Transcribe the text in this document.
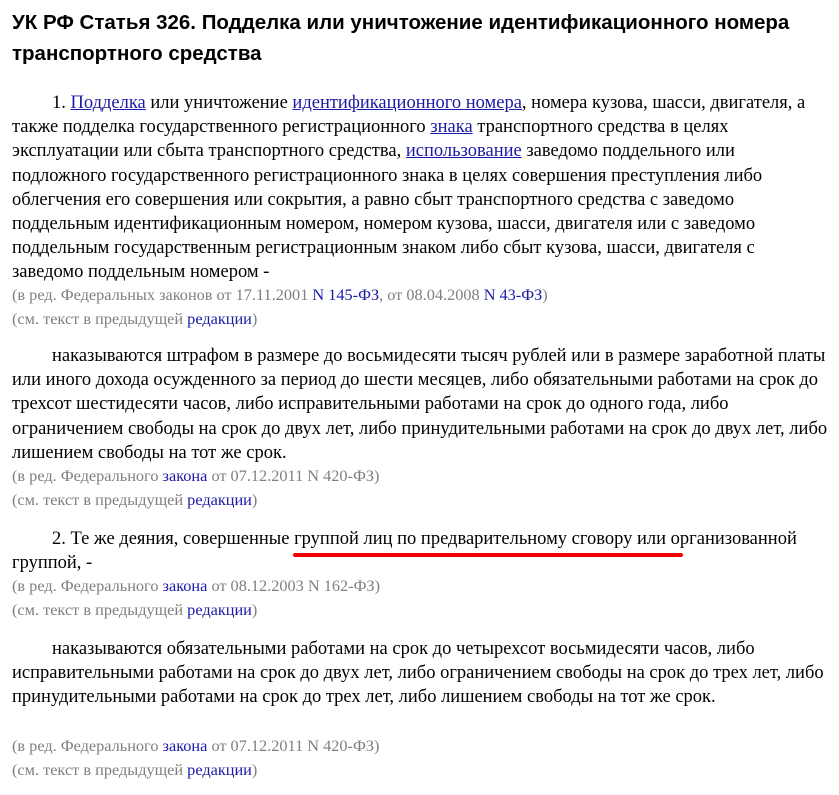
УК РФ Статья 326. Подделка или уничтожение идентификационного номера транспортного средства

1. Подделка или уничтожение идентификационного номера, номера кузова, шасси, двигателя, а также подделка государственного регистрационного знака транспортного средства в целях эксплуатации или сбыта транспортного средства, использование заведомо поддельного или подложного государственного регистрационного знака в целях совершения преступления либо облегчения его совершения или сокрытия, а равно сбыт транспортного средства с заведомо поддельным идентификационным номером, номером кузова, шасси, двигателя или с заведомо поддельным государственным регистрационным знаком либо сбыт кузова, шасси, двигателя с заведомо поддельным номером -

(в ред. Федеральных законов от 17.11.2001 N 145-ФЗ, от 08.04.2008 N 43-ФЗ)

(см. текст в предыдущей редакции)

наказываются штрафом в размере до восьмидесяти тысяч рублей или в размере заработной платы или иного дохода осужденного за период до шести месяцев, либо обязательными работами на срок до трехсот шестидесяти часов, либо исправительными работами на срок до одного года, либо ограничением свободы на срок до двух лет, либо принудительными работами на срок до двух лет, либо лишением свободы на тот же срок.

(в ред. Федерального закона от 07.12.2011 N 420-ФЗ)

(см. текст в предыдущей редакции)

2. Те же деяния, совершенные группой лиц по предварительному сговору или организованной группой, -

(в ред. Федерального закона от 08.12.2003 N 162-ФЗ)

(см. текст в предыдущей редакции)

наказываются обязательными работами на срок до четырехсот восьмидесяти часов, либо исправительными работами на срок до двух лет, либо ограничением свободы на срок до трех лет, либо принудительными работами на срок до трех лет, либо лишением свободы на тот же срок.

(в ред. Федерального закона от 07.12.2011 N 420-ФЗ)

(см. текст в предыдущей редакции)
